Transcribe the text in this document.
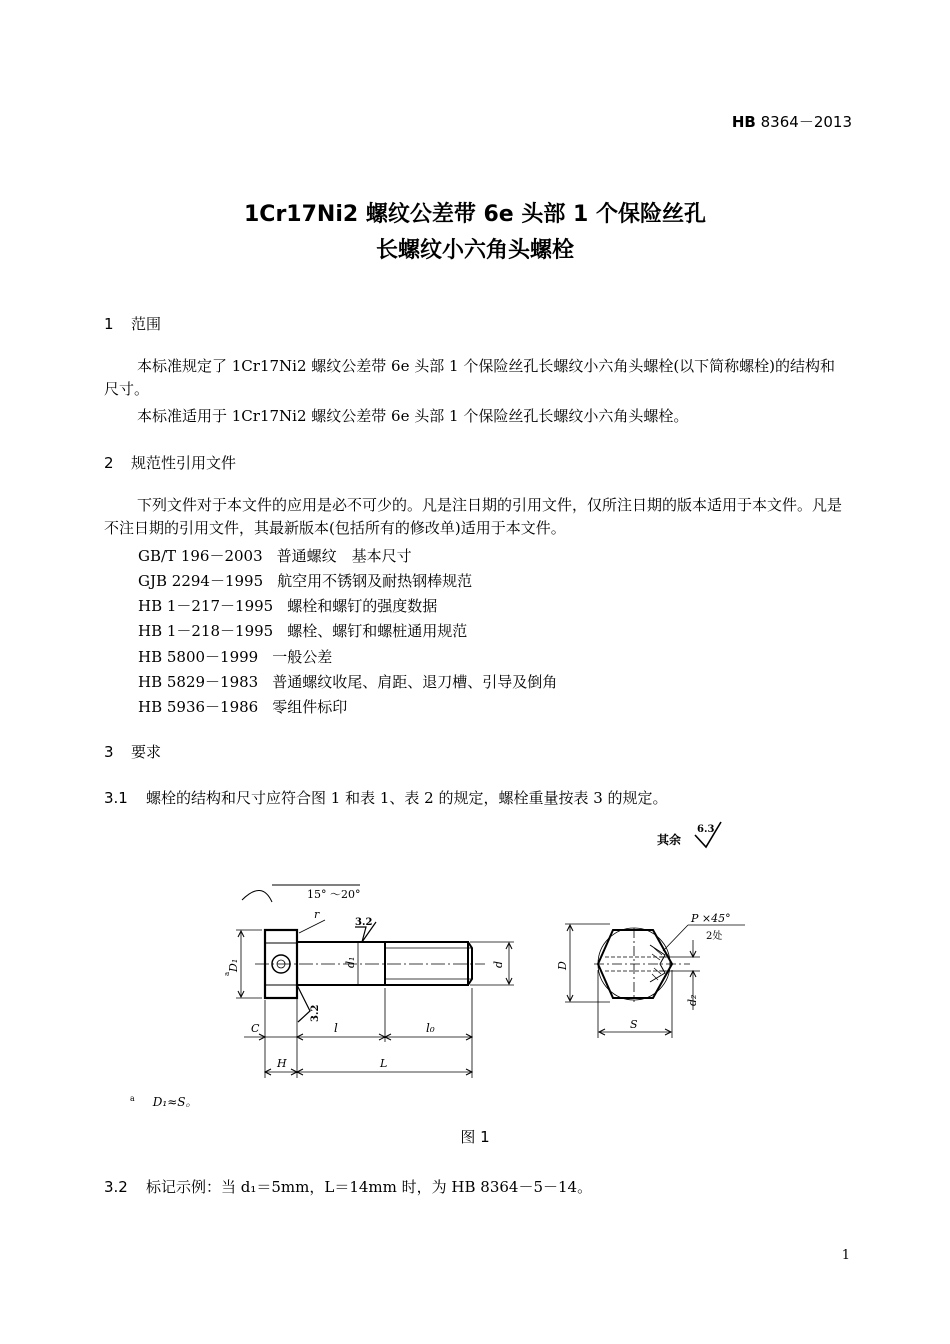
HB 8364－2013
1Cr17Ni2 螺纹公差带 6e 头部 1 个保险丝孔
长螺纹小六角头螺栓
1 范围
本标准规定了 1Cr17Ni2 螺纹公差带 6e 头部 1 个保险丝孔长螺纹小六角头螺栓(以下简称螺栓)的结构和尺寸。
本标准适用于 1Cr17Ni2 螺纹公差带 6e 头部 1 个保险丝孔长螺纹小六角头螺栓。
2 规范性引用文件
下列文件对于本文件的应用是必不可少的。凡是注日期的引用文件，仅所注日期的版本适用于本文件。凡是不注日期的引用文件，其最新版本(包括所有的修改单)适用于本文件。
GB/T 196－2003 普通螺纹　基本尺寸
GJB 2294－1995 航空用不锈钢及耐热钢棒规范
HB 1－217－1995 螺栓和螺钉的强度数据
HB 1－218－1995 螺栓、螺钉和螺桩通用规范
HB 5800－1999 一般公差
HB 5829－1983 普通螺纹收尾、肩距、退刀槽、引导及倒角
HB 5936－1986 零组件标印
3 要求
3.1 螺栓的结构和尺寸应符合图 1 和表 1、表 2 的规定，螺栓重量按表 3 的规定。
其余
6.3
15° ～20°
r
3.2
3.2
D₁
a
d₁	d
C	l	l₀
H	L
D
S
d₂
P ×45°
2处
$^a$ D₁≈S。
图 1
3.2 标记示例：当 d₁＝5mm，L＝14mm 时，为 HB 8364－5－14。
1
